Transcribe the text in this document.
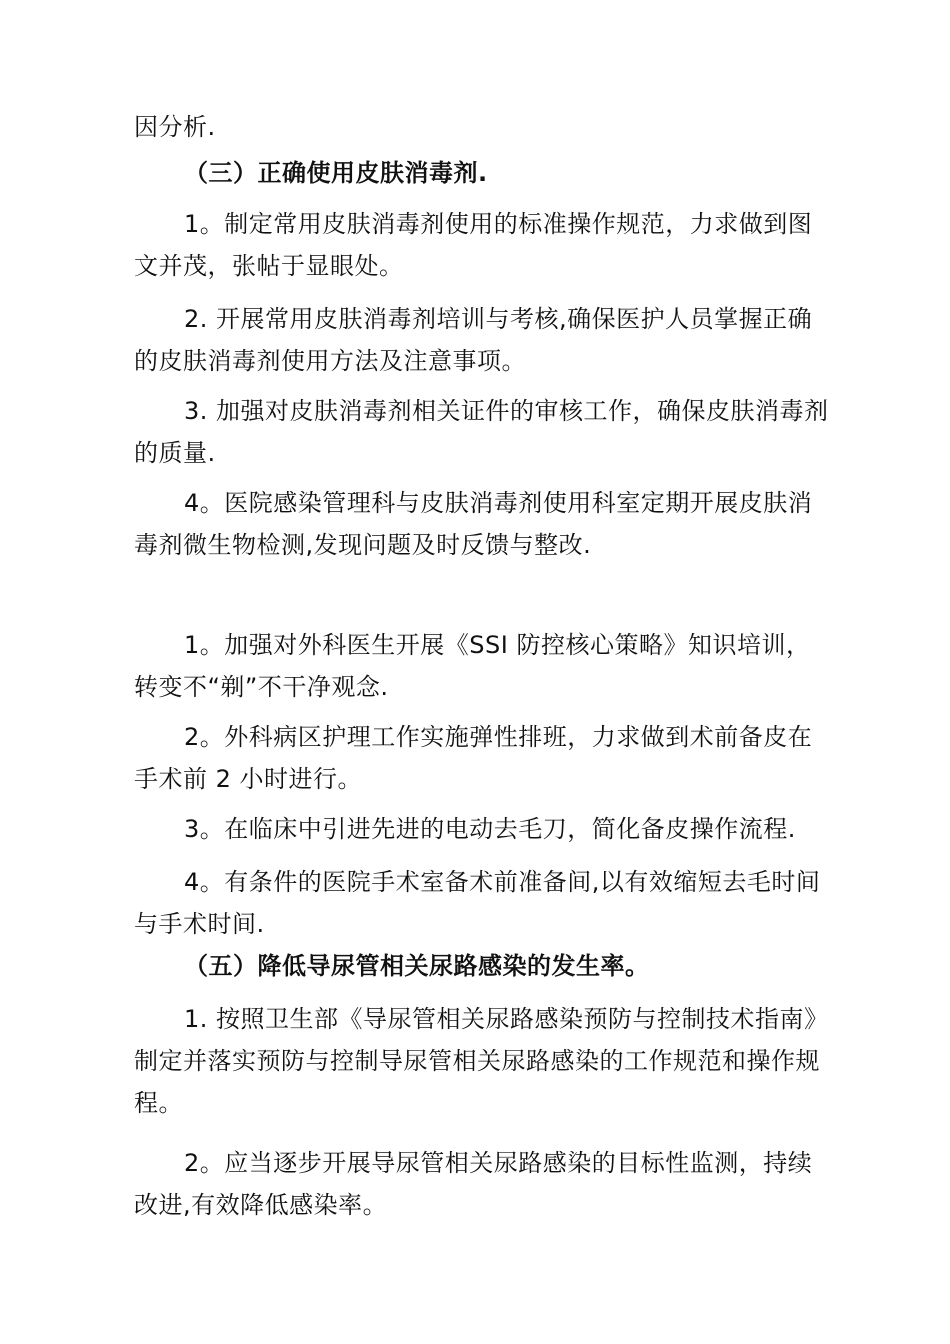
因分析.

（三）正确使用皮肤消毒剂.

1。制定常用皮肤消毒剂使用的标准操作规范，力求做到图文并茂，张帖于显眼处。

2. 开展常用皮肤消毒剂培训与考核,确保医护人员掌握正确的皮肤消毒剂使用方法及注意事项。

3. 加强对皮肤消毒剂相关证件的审核工作，确保皮肤消毒剂的质量.

4。医院感染管理科与皮肤消毒剂使用科室定期开展皮肤消毒剂微生物检测,发现问题及时反馈与整改.

1。加强对外科医生开展《SSI 防控核心策略》知识培训，转变不“剃”不干净观念.

2。外科病区护理工作实施弹性排班，力求做到术前备皮在手术前 2 小时进行。

3。在临床中引进先进的电动去毛刀，简化备皮操作流程.

4。有条件的医院手术室备术前准备间,以有效缩短去毛时间与手术时间.

（五）降低导尿管相关尿路感染的发生率。

1. 按照卫生部《导尿管相关尿路感染预防与控制技术指南》制定并落实预防与控制导尿管相关尿路感染的工作规范和操作规程。

2。应当逐步开展导尿管相关尿路感染的目标性监测，持续改进,有效降低感染率。
